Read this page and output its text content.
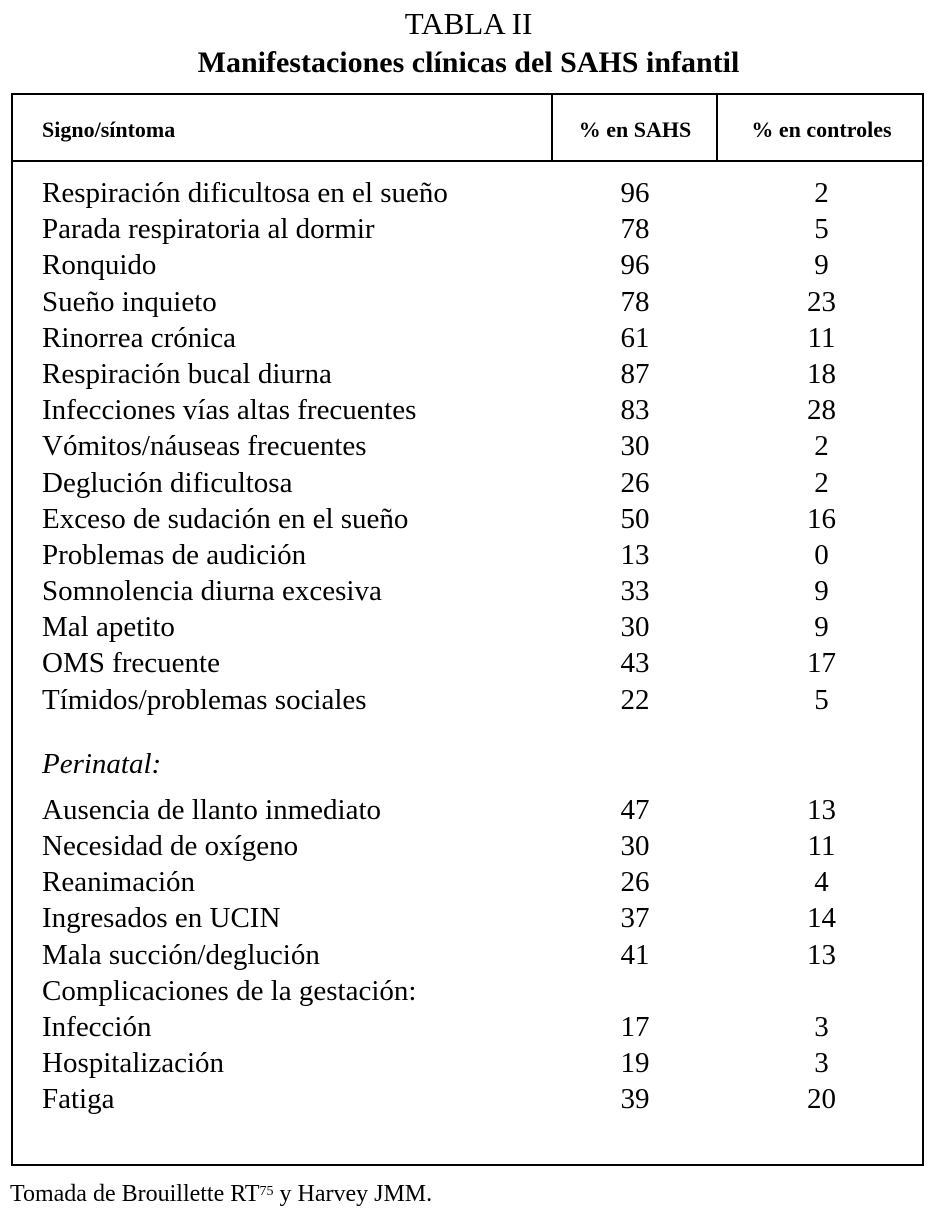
TABLA II
Manifestaciones clínicas del SAHS infantil
Signo/síntoma	% en SAHS	% en controles
Respiración dificultosa en el sueño	96	2
Parada respiratoria al dormir	78	5
Ronquido	96	9
Sueño inquieto	78	23
Rinorrea crónica	61	11
Respiración bucal diurna	87	18
Infecciones vías altas frecuentes	83	28
Vómitos/náuseas frecuentes	30	2
Deglución dificultosa	26	2
Exceso de sudación en el sueño	50	16
Problemas de audición	13	0
Somnolencia diurna excesiva	33	9
Mal apetito	30	9
OMS frecuente	43	17
Tímidos/problemas sociales	22	5
Perinatal:
Ausencia de llanto inmediato	47	13
Necesidad de oxígeno	30	11
Reanimación	26	4
Ingresados en UCIN	37	14
Mala succión/deglución	41	13
Complicaciones de la gestación:
Infección	17	3
Hospitalización	19	3
Fatiga	39	20
Tomada de Brouillette RT$^{75}$ y Harvey JMM.
